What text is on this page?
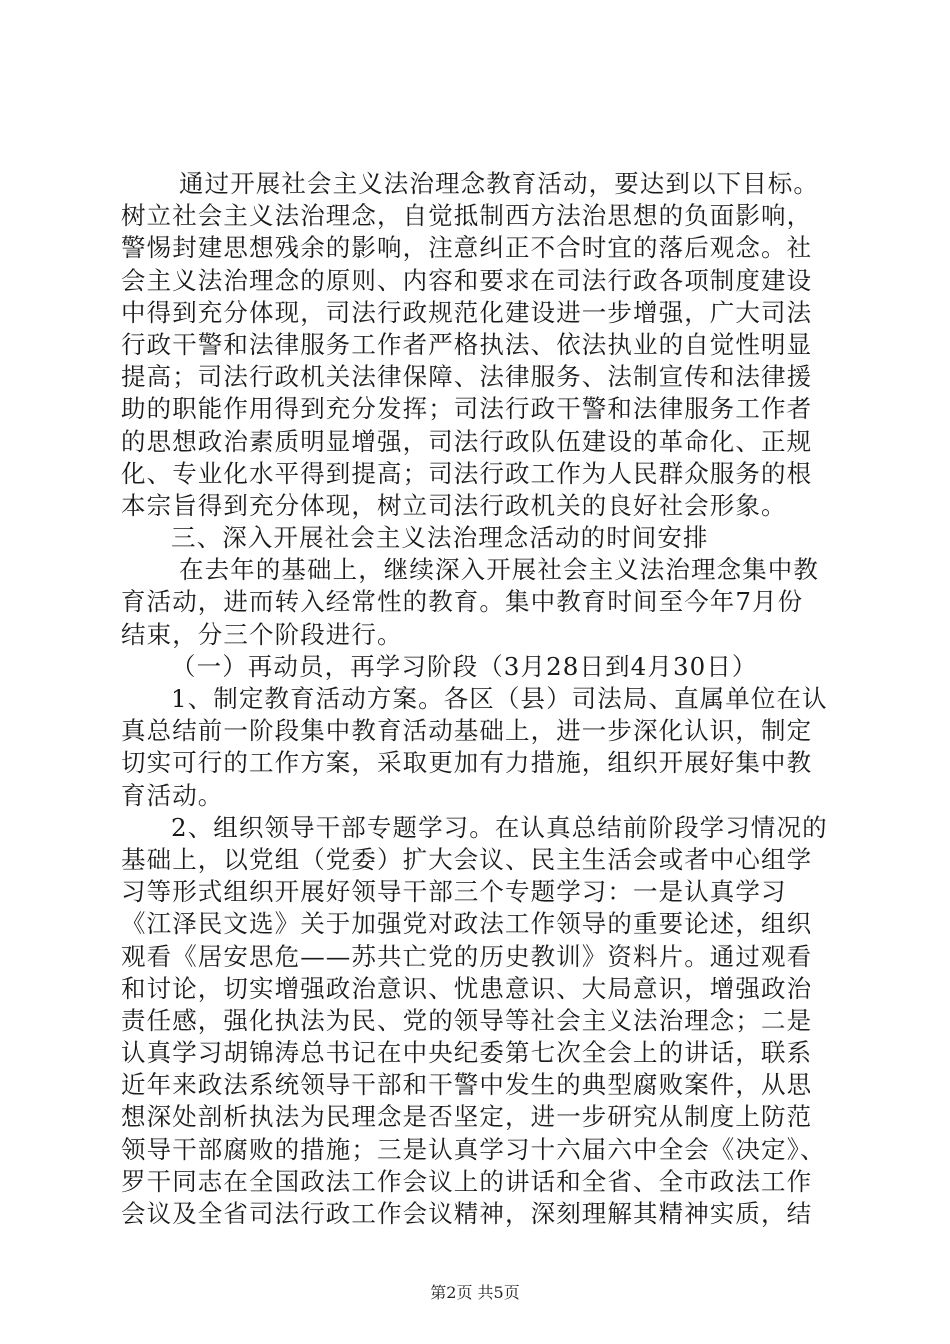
通过开展社会主义法治理念教育活动，要达到以下目标。
树立社会主义法治理念，自觉抵制西方法治思想的负面影响，
警惕封建思想残余的影响，注意纠正不合时宜的落后观念。社
会主义法治理念的原则、内容和要求在司法行政各项制度建设
中得到充分体现，司法行政规范化建设进一步增强，广大司法
行政干警和法律服务工作者严格执法、依法执业的自觉性明显
提高；司法行政机关法律保障、法律服务、法制宣传和法律援
助的职能作用得到充分发挥；司法行政干警和法律服务工作者
的思想政治素质明显增强，司法行政队伍建设的革命化、正规
化、专业化水平得到提高；司法行政工作为人民群众服务的根
本宗旨得到充分体现，树立司法行政机关的良好社会形象。
三、深入开展社会主义法治理念活动的时间安排
在去年的基础上，继续深入开展社会主义法治理念集中教
育活动，进而转入经常性的教育。集中教育时间至今年7月份
结束，分三个阶段进行。
（一）再动员，再学习阶段（3月28日到4月30日）
1、制定教育活动方案。各区（县）司法局、直属单位在认
真总结前一阶段集中教育活动基础上，进一步深化认识，制定
切实可行的工作方案，采取更加有力措施，组织开展好集中教
育活动。
2、组织领导干部专题学习。在认真总结前阶段学习情况的
基础上，以党组（党委）扩大会议、民主生活会或者中心组学
习等形式组织开展好领导干部三个专题学习：一是认真学习
《江泽民文选》关于加强党对政法工作领导的重要论述，组织
观看《居安思危——苏共亡党的历史教训》资料片。通过观看
和讨论，切实增强政治意识、忧患意识、大局意识，增强政治
责任感，强化执法为民、党的领导等社会主义法治理念；二是
认真学习胡锦涛总书记在中央纪委第七次全会上的讲话，联系
近年来政法系统领导干部和干警中发生的典型腐败案件，从思
想深处剖析执法为民理念是否坚定，进一步研究从制度上防范
领导干部腐败的措施；三是认真学习十六届六中全会《决定》、
罗干同志在全国政法工作会议上的讲话和全省、全市政法工作
会议及全省司法行政工作会议精神，深刻理解其精神实质，结
第2页 共5页
